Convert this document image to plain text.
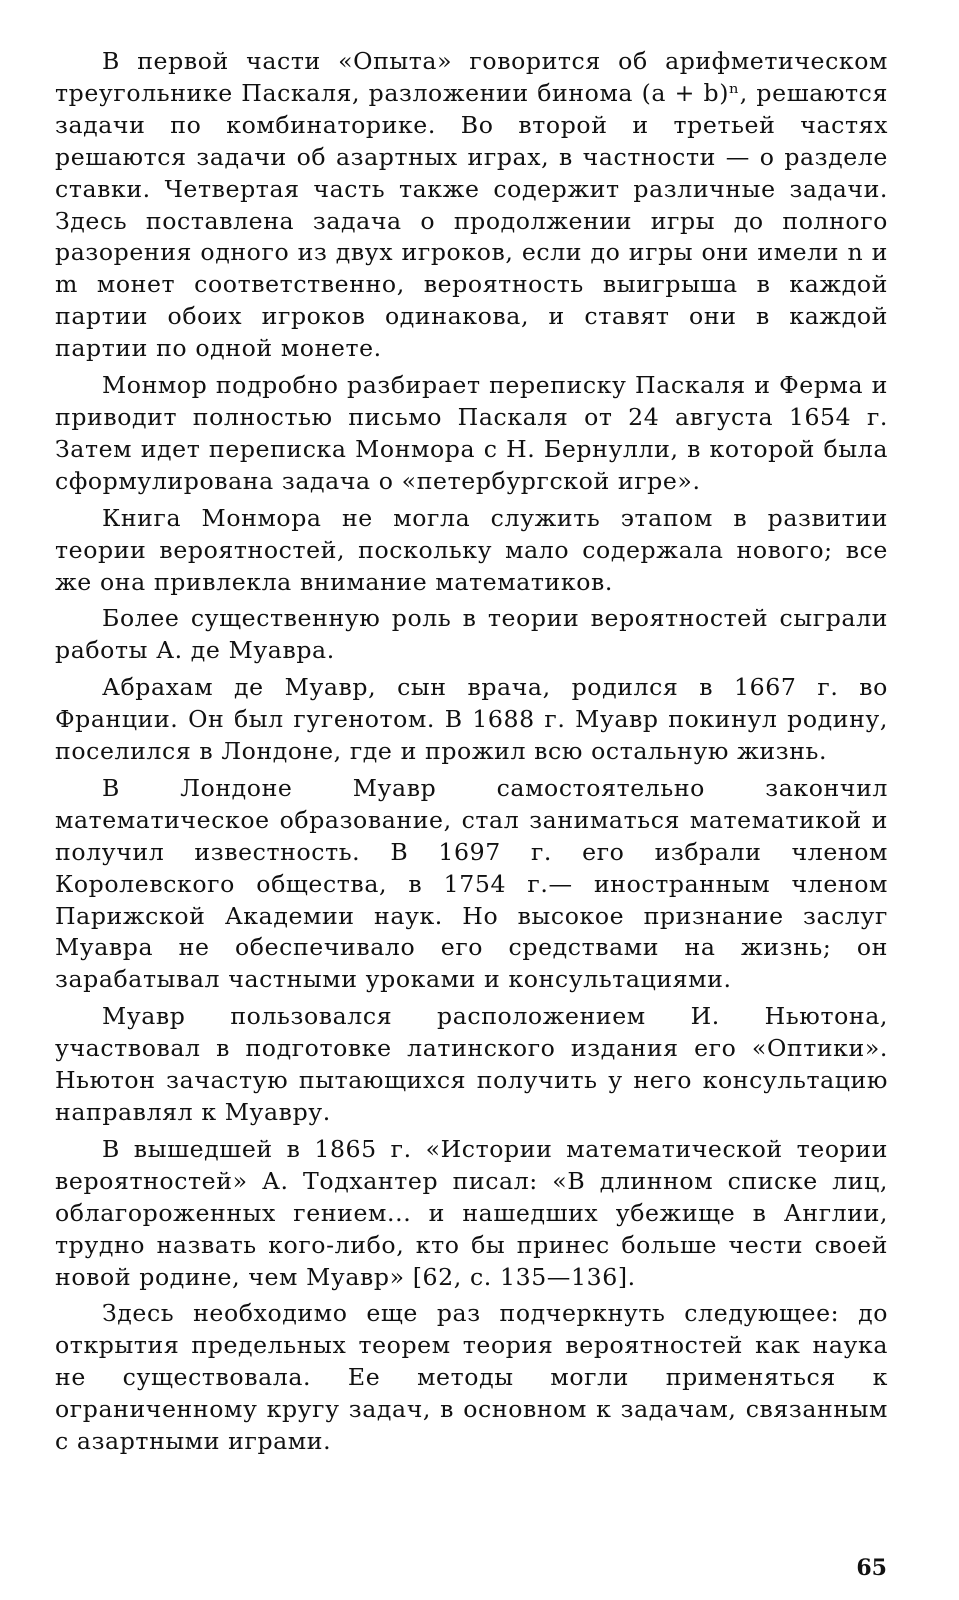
В первой части «Опыта» говорится об арифметическом треугольнике Паскаля, разложении бинома (a + b)ⁿ, решаются задачи по комбинаторике. Во второй и третьей частях решаются задачи об азартных играх, в частности — о разделе ставки. Четвертая часть также содержит различные задачи. Здесь поставлена задача о продолжении игры до полного разорения одного из двух игроков, если до игры они имели n и m монет соответственно, вероятность выигрыша в каждой партии обоих игроков одинакова, и ставят они в каждой партии по одной монете.

Монмор подробно разбирает переписку Паскаля и Ферма и приводит полностью письмо Паскаля от 24 августа 1654 г. Затем идет переписка Монмора с Н. Бернулли, в которой была сформулирована задача о «петербургской игре».

Книга Монмора не могла служить этапом в развитии теории вероятностей, поскольку мало содержала нового; все же она привлекла внимание математиков.

Более существенную роль в теории вероятностей сыграли работы А. де Муавра.

Абрахам де Муавр, сын врача, родился в 1667 г. во Франции. Он был гугенотом. В 1688 г. Муавр покинул родину, поселился в Лондоне, где и прожил всю остальную жизнь.

В Лондоне Муавр самостоятельно закончил математическое образование, стал заниматься математикой и получил известность. В 1697 г. его избрали членом Королевского общества, в 1754 г.— иностранным членом Парижской Академии наук. Но высокое признание заслуг Муавра не обеспечивало его средствами на жизнь; он зарабатывал частными уроками и консультациями.

Муавр пользовался расположением И. Ньютона, участвовал в подготовке латинского издания его «Оптики». Ньютон зачастую пытающихся получить у него консультацию направлял к Муавру.

В вышедшей в 1865 г. «Истории математической теории вероятностей» А. Тодхантер писал: «В длинном списке лиц, облагороженных гением... и нашедших убежище в Англии, трудно назвать кого-либо, кто бы принес больше чести своей новой родине, чем Муавр» [62, с. 135—136].

Здесь необходимо еще раз подчеркнуть следующее: до открытия предельных теорем теория вероятностей как наука не существовала. Ее методы могли применяться к ограниченному кругу задач, в основном к задачам, связанным с азартными играми.

65
